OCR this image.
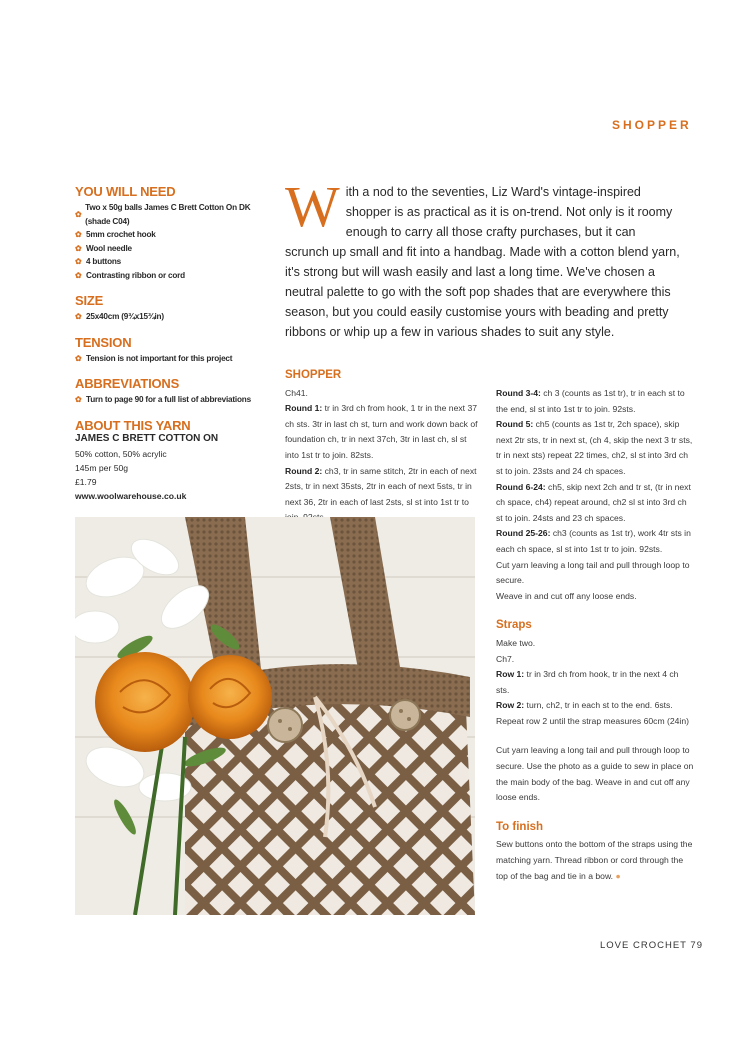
SHOPPER
YOU WILL NEED
✿
Two x 50g balls James C Brett Cotton On DK (shade C04)
✿ 5mm crochet hook
✿ Wool needle
✿ 4 buttons
✿ Contrasting ribbon or cord
SIZE
✿ 25x40cm (9¾x15¾in)
TENSION
✿ Tension is not important for this project
ABBREVIATIONS
✿ Turn to page 90 for a full list of abbreviations
ABOUT THIS YARN
JAMES C BRETT COTTON ON
50% cotton, 50% acrylic
145m per 50g
£1.79
www.woolwarehouse.co.uk
With a nod to the seventies, Liz Ward's vintage-inspired shopper is as practical as it is on-trend. Not only is it roomy enough to carry all those crafty purchases, but it can scrunch up small and fit into a handbag. Made with a cotton blend yarn, it's strong but will wash easily and last a long time. We've chosen a neutral palette to go with the soft pop shades that are everywhere this season, but you could easily customise yours with beading and pretty ribbons or whip up a few in various shades to suit any style.
SHOPPER
Ch41.
Round 1: tr in 3rd ch from hook, 1 tr in the next 37 ch sts. 3tr in last ch st, turn and work down back of foundation ch, tr in next 37ch, 3tr in last ch, sl st into 1st tr to join. 82sts.
Round 2: ch3, tr in same stitch, 2tr in each of next 2sts, tr in next 35sts, 2tr in each of next 5sts, tr in next 36, 2tr in each of last 2sts, sl st into 1st tr to
Round 3-4: ch 3 (counts as 1st tr), tr in each st to the end, sl st into 1st tr to join. 92sts.
Round 5: ch5 (counts as 1st tr, 2ch space), skip next 2tr sts, tr in next st, (ch 4, skip the next 3 tr sts, tr in next sts) repeat 22 times, ch2, sl st into 3rd ch st to join. 23sts and 24 ch spaces.
Round 6-24: ch5, skip next 2ch and tr st, (tr in next ch space, ch4) repeat around, ch2 sl st into 3rd ch st to join. 24sts and 23 ch spaces.
Round 25-26: ch3 (counts as 1st tr), work 4tr sts in each ch space, sl st into 1st tr to join. 92sts.
Cut yarn leaving a long tail and pull through loop to secure.
Weave in and cut off any loose ends.
Straps
Make two.
Ch7.
Row 1: tr in 3rd ch from hook, tr in the next 4 ch sts.
Row 2: turn, ch2, tr in each st to the end. 6sts.
Repeat row 2 until the strap measures 60cm (24in)
Cut yarn leaving a long tail and pull through loop to secure. Use the photo as a guide to sew in place on the main body of the bag. Weave in and cut off any loose ends.
To finish
Sew buttons onto the bottom of the straps using the matching yarn. Thread ribbon or cord through the top of the bag and tie in a bow. ●
LOVE CROCHET 79
